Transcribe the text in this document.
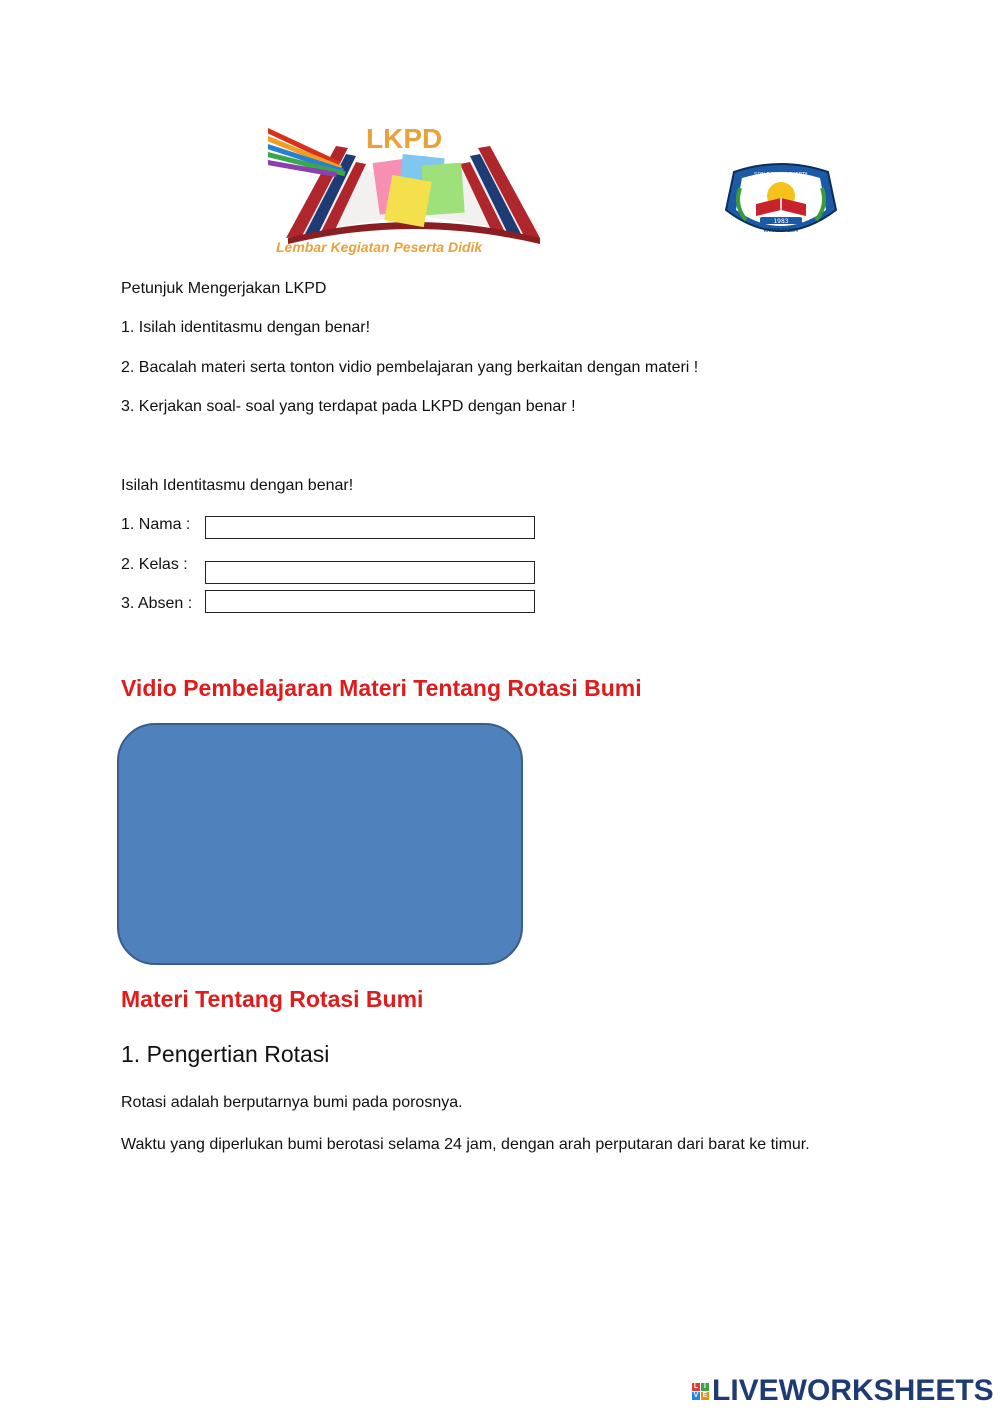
LKPD
Lembar Kegiatan Peserta Didik
1983
SDN 5 PADANGKERTA
KARANGASEM
Petunjuk Mengerjakan LKPD
1. Isilah identitasmu dengan benar!
2. Bacalah materi serta tonton vidio pembelajaran yang berkaitan dengan materi !
3. Kerjakan soal- soal yang terdapat pada LKPD dengan benar !
Isilah Identitasmu dengan benar!
1. Nama :
2. Kelas :
3. Absen :
Vidio Pembelajaran Materi Tentang Rotasi Bumi
Materi Tentang Rotasi Bumi
1. Pengertian Rotasi
Rotasi adalah berputarnya bumi pada porosnya.
Waktu yang diperlukan bumi berotasi selama 24 jam, dengan arah perputaran dari barat ke timur.
L I
V E LIVEWORKSHEETS
